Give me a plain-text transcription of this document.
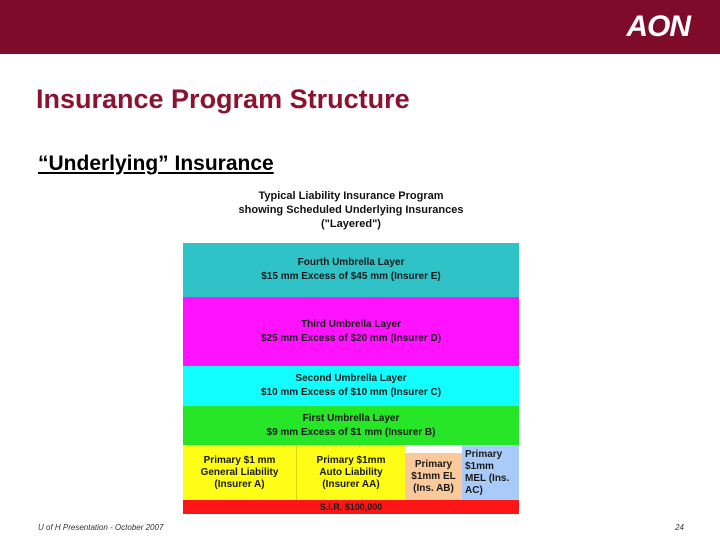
AON
Insurance Program Structure
“Underlying” Insurance
Typical Liability Insurance Program
showing Scheduled Underlying Insurances
("Layered")
Fourth Umbrella Layer
$15 mm Excess of $45 mm (Insurer E)
Third Umbrella Layer
$25 mm Excess of $20 mm (Insurer D)
Second Umbrella Layer
$10 mm Excess of $10 mm (Insurer C)
First Umbrella Layer
$9 mm Excess of $1 mm (Insurer B)
Primary $1 mm
General Liability
(Insurer A)
Primary $1mm
Auto Liability
(Insurer AA)
Primary
$1mm EL
(Ins. AB)
Primary
$1mm
MEL (Ins.
AC)
S.I.R. $100,000
U of H Presentation - October 2007	24
